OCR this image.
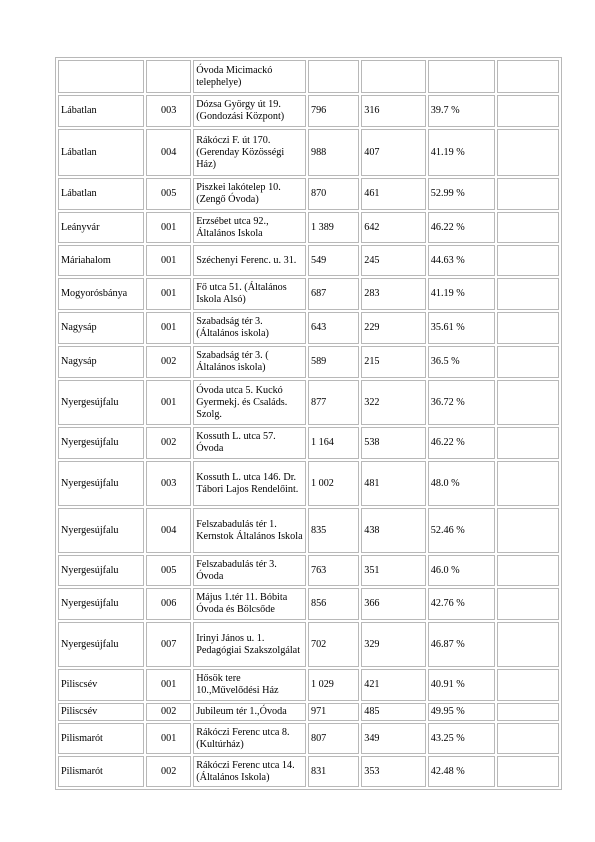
		Óvoda Micimackó telephelye)				
Lábatlan	003	Dózsa György út 19. (Gondozási Központ)	796	316	39.7 %	
Lábatlan	004	Rákóczi F. út 170. (Gerenday Közösségi Ház)	988	407	41.19 %	
Lábatlan	005	Piszkei lakótelep 10. (Zengő Óvoda)	870	461	52.99 %	
Leányvár	001	Erzsébet utca 92., Általános Iskola	1 389	642	46.22 %	
Máriahalom	001	Széchenyi Ferenc. u. 31.	549	245	44.63 %	
Mogyorósbánya	001	Fő utca 51. (Általános Iskola Alsó)	687	283	41.19 %	
Nagysáp	001	Szabadság tér 3. (Általános iskola)	643	229	35.61 %	
Nagysáp	002	Szabadság tér 3. ( Általános iskola)	589	215	36.5 %	
Nyergesújfalu	001	Óvoda utca 5. Kuckó Gyermekj. és Családs. Szolg.	877	322	36.72 %	
Nyergesújfalu	002	Kossuth L. utca 57. Óvoda	1 164	538	46.22 %	
Nyergesújfalu	003	Kossuth L. utca 146. Dr. Tábori Lajos Rendelőint.	1 002	481	48.0 %	
Nyergesújfalu	004	Felszabadulás tér 1. Kernstok Általános Iskola	835	438	52.46 %	
Nyergesújfalu	005	Felszabadulás tér 3. Óvoda	763	351	46.0 %	
Nyergesújfalu	006	Május 1.tér 11. Bóbita Óvoda és Bölcsőde	856	366	42.76 %	
Nyergesújfalu	007	Irinyi János u. 1. Pedagógiai Szakszolgálat	702	329	46.87 %	
Piliscsév	001	Hősök tere 10.,Művelődési Ház	1 029	421	40.91 %	
Piliscsév	002	Jubileum tér 1.,Óvoda	971	485	49.95 %	
Pilismarót	001	Rákóczi Ferenc utca 8. (Kultúrház)	807	349	43.25 %	
Pilismarót	002	Rákóczi Ferenc utca 14. (Általános Iskola)	831	353	42.48 %	
